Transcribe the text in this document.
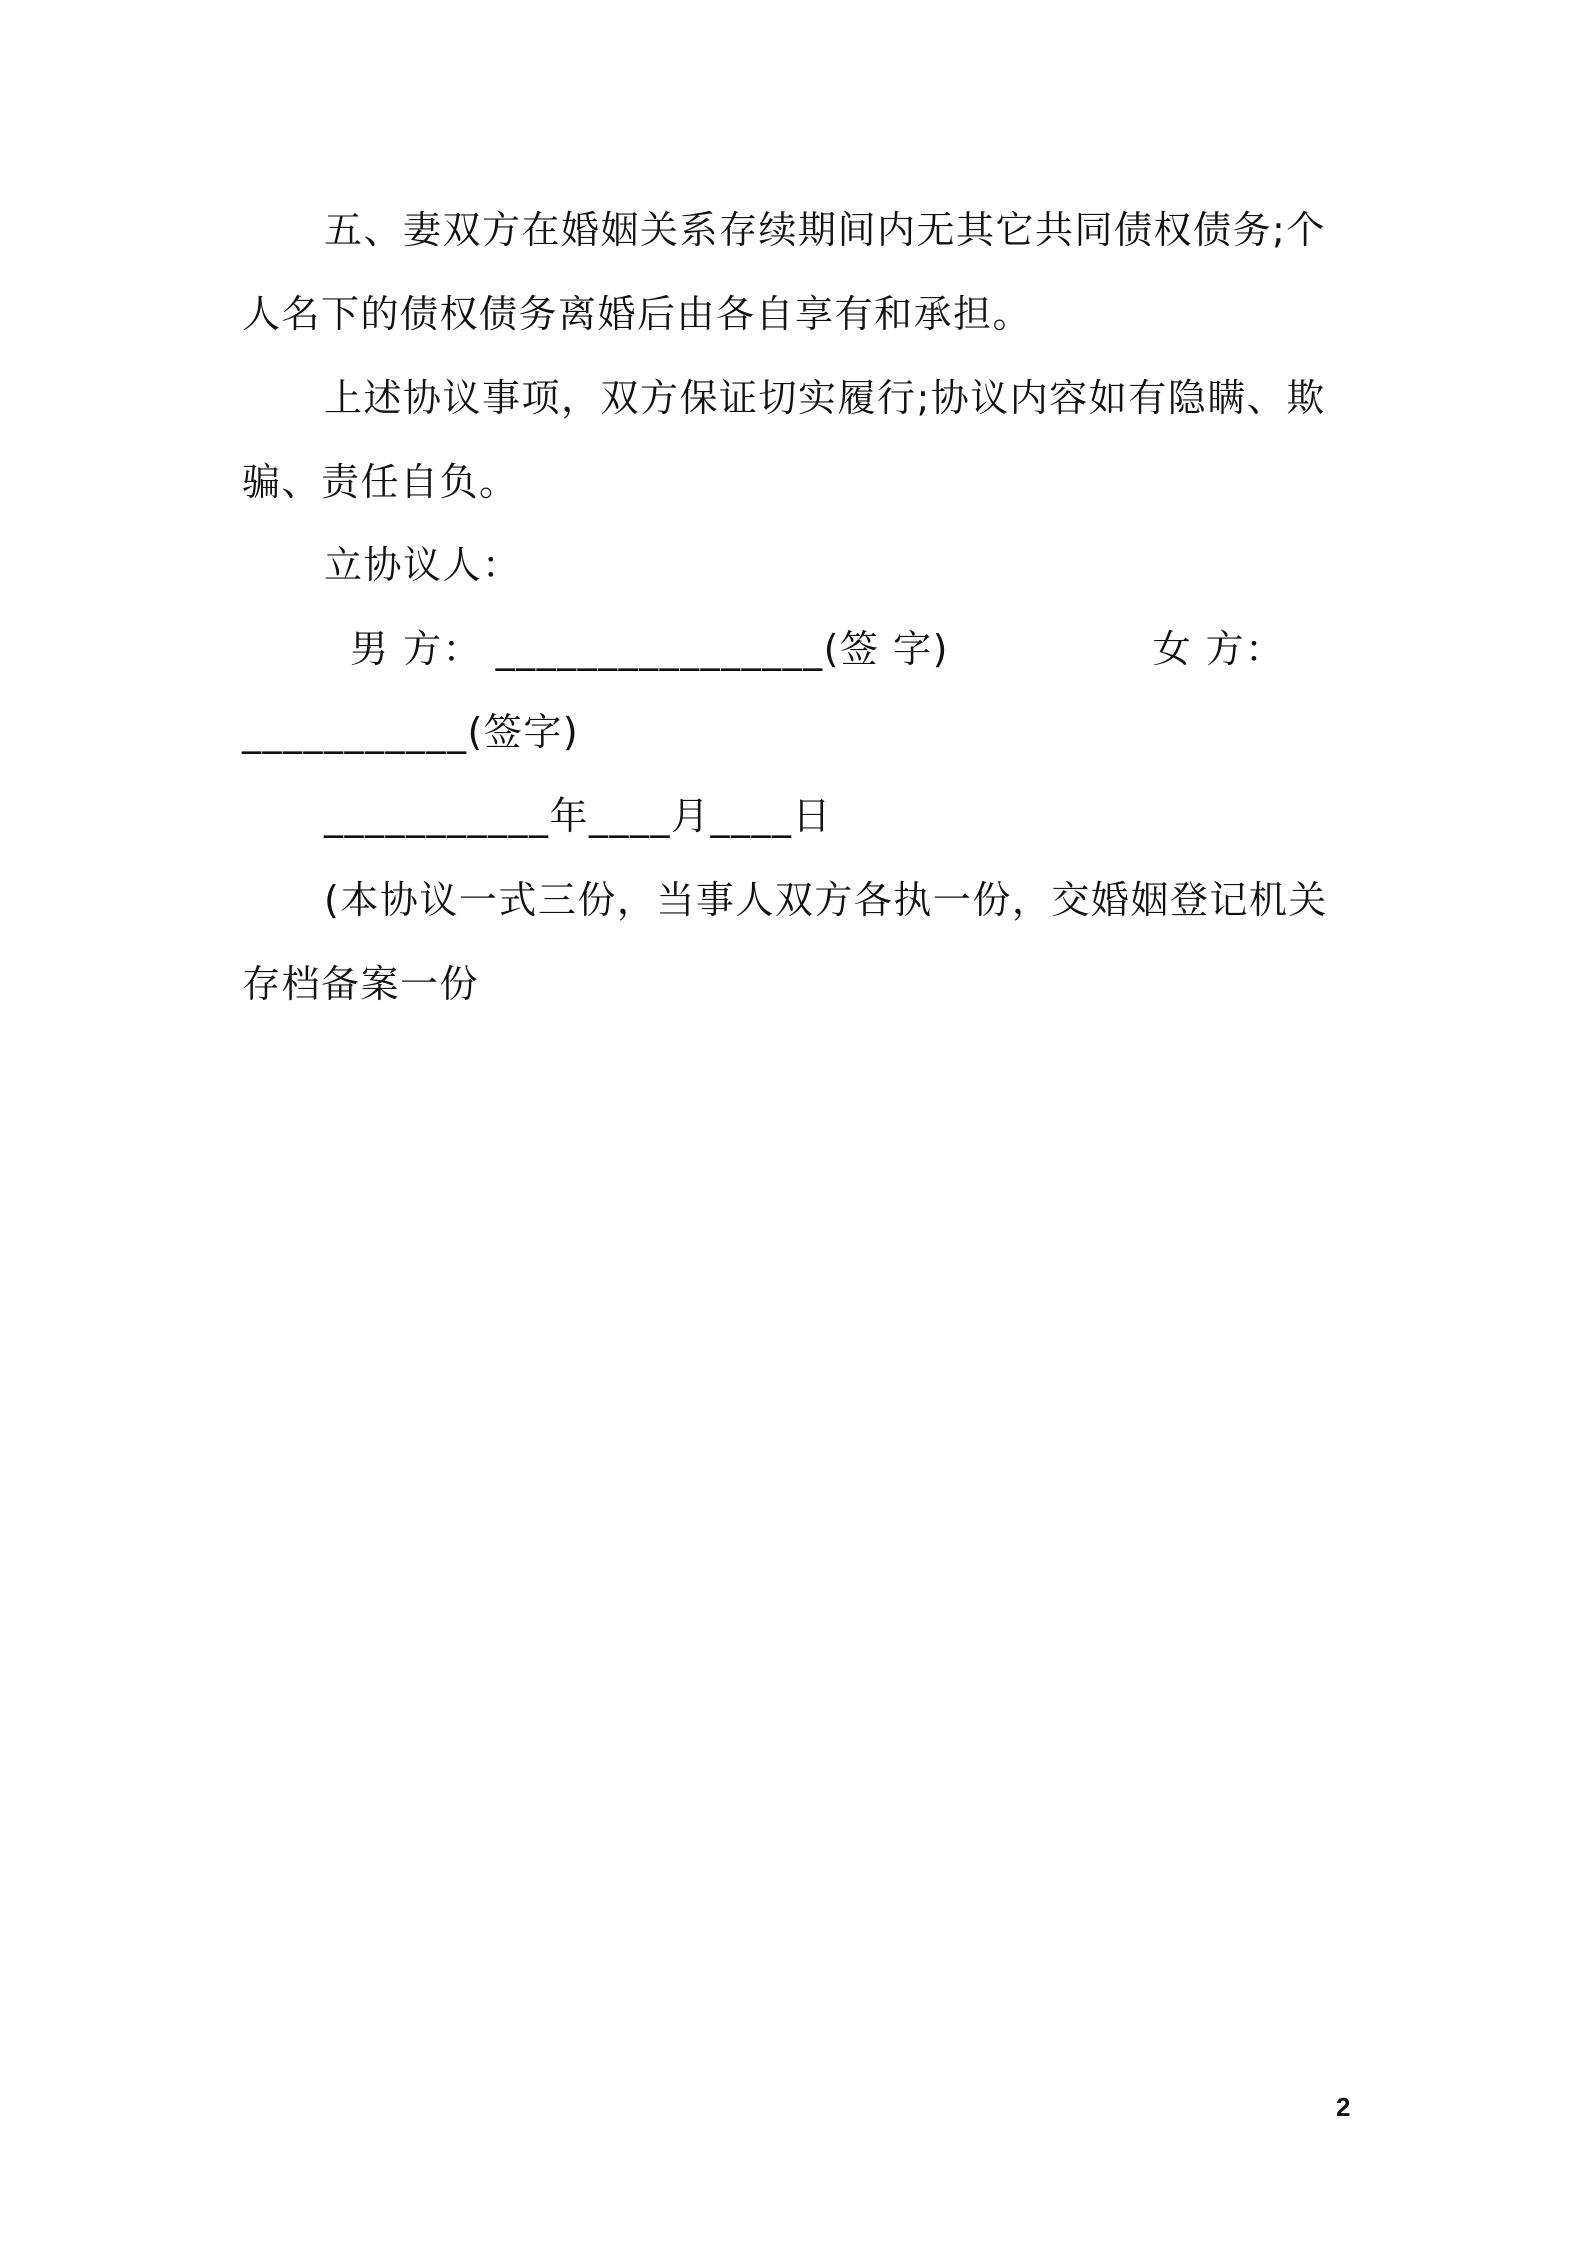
五、妻双方在婚姻关系存续期间内无其它共同债权债务;个
人名下的债权债务离婚后由各自享有和承担。
上述协议事项，双方保证切实履行;协议内容如有隐瞒、欺
骗、责任自负。
立协议人：
男 方： ________________(签 字)               女 方：
___________(签字)
___________年____月____日
(本协议一式三份，当事人双方各执一份，交婚姻登记机关
存档备案一份
2
